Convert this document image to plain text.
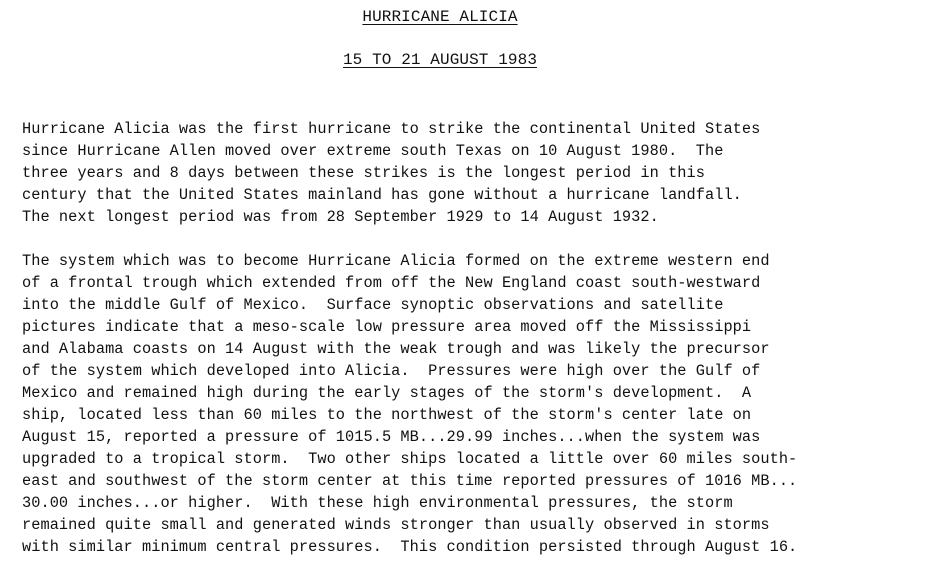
HURRICANE ALICIA
15 TO 21 AUGUST 1983

Hurricane Alicia was the first hurricane to strike the continental United States
since Hurricane Allen moved over extreme south Texas on 10 August 1980.  The
three years and 8 days between these strikes is the longest period in this
century that the United States mainland has gone without a hurricane landfall.
The next longest period was from 28 September 1929 to 14 August 1932.

The system which was to become Hurricane Alicia formed on the extreme western end
of a frontal trough which extended from off the New England coast south-westward
into the middle Gulf of Mexico.  Surface synoptic observations and satellite
pictures indicate that a meso-scale low pressure area moved off the Mississippi
and Alabama coasts on 14 August with the weak trough and was likely the precursor
of the system which developed into Alicia.  Pressures were high over the Gulf of
Mexico and remained high during the early stages of the storm's development.  A
ship, located less than 60 miles to the northwest of the storm's center late on
August 15, reported a pressure of 1015.5 MB...29.99 inches...when the system was
upgraded to a tropical storm.  Two other ships located a little over 60 miles south-
east and southwest of the storm center at this time reported pressures of 1016 MB...
30.00 inches...or higher.  With these high environmental pressures, the storm
remained quite small and generated winds stronger than usually observed in storms
with similar minimum central pressures.  This condition persisted through August 16.
